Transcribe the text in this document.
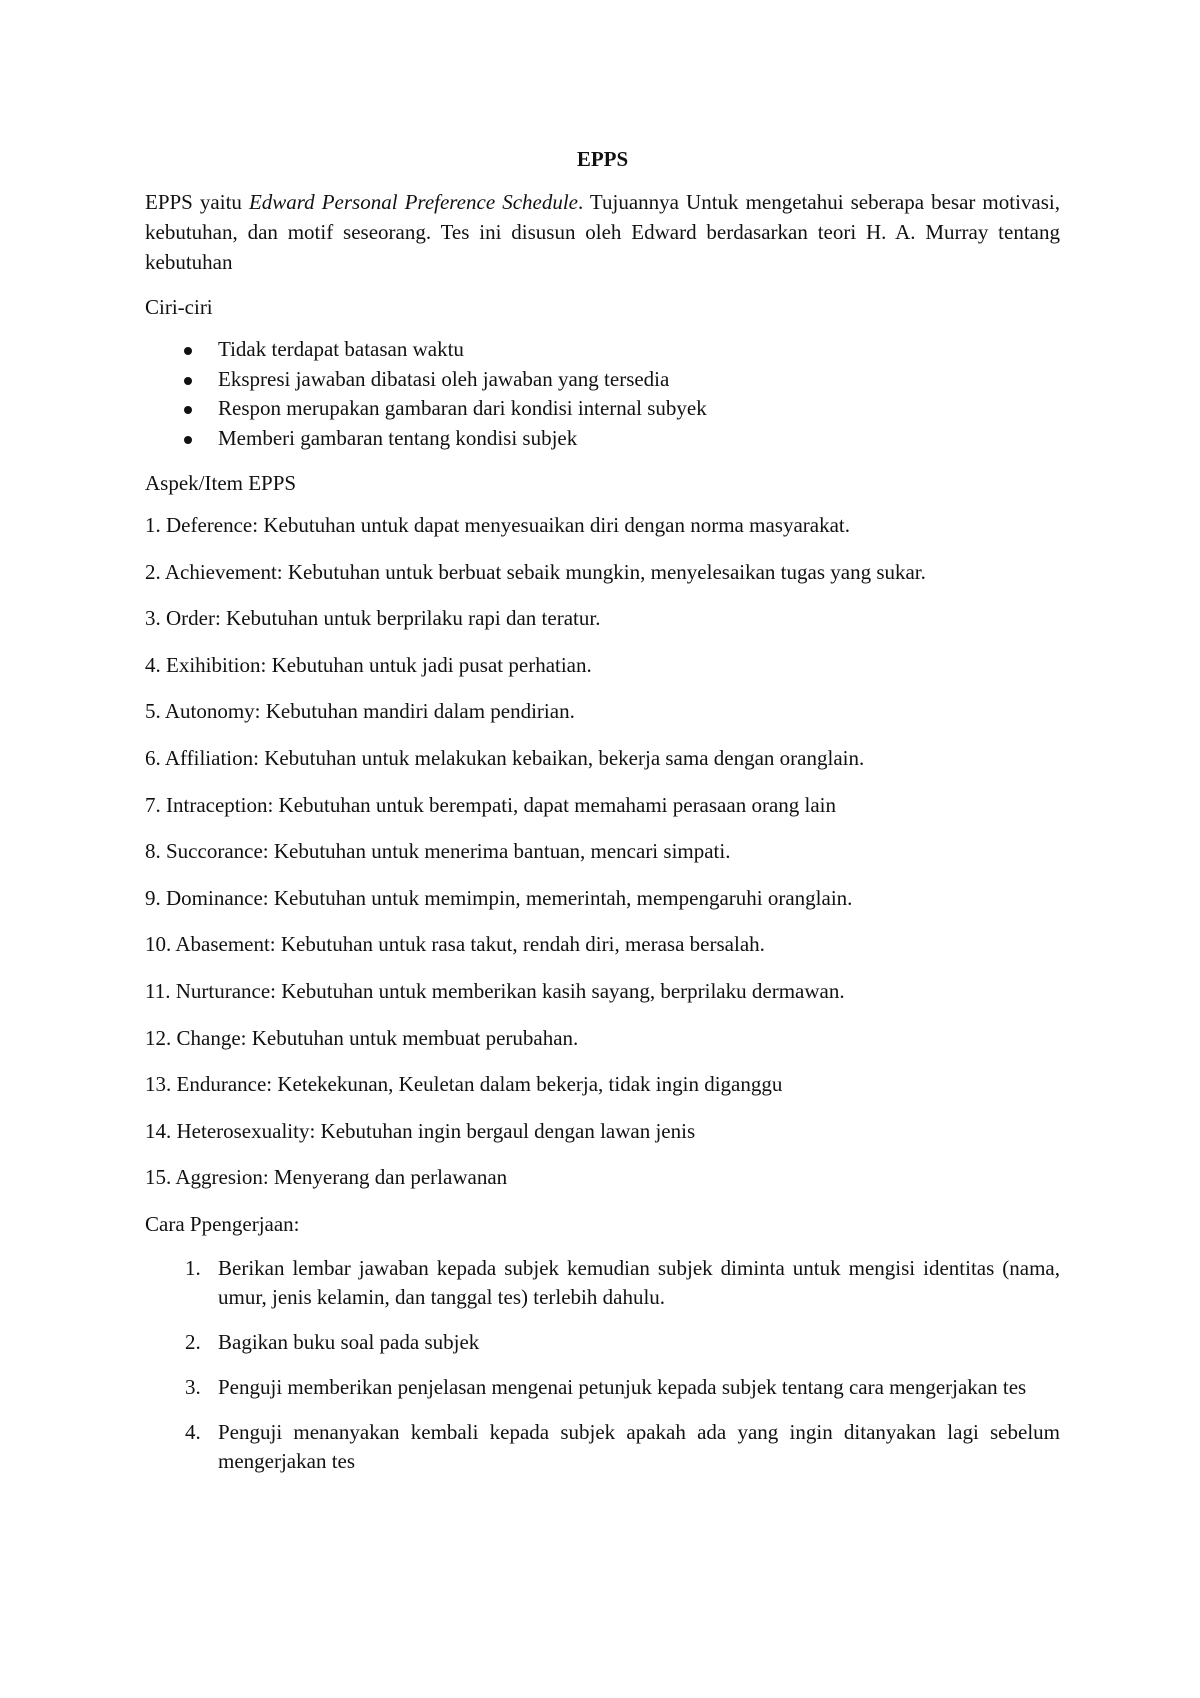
EPPS

EPPS yaitu Edward Personal Preference Schedule. Tujuannya Untuk mengetahui seberapa besar motivasi, kebutuhan, dan motif seseorang. Tes ini disusun oleh Edward berdasarkan teori H. A. Murray tentang kebutuhan

Ciri-ciri
Tidak terdapat batasan waktu
Ekspresi jawaban dibatasi oleh jawaban yang tersedia
Respon merupakan gambaran dari kondisi internal subyek
Memberi gambaran tentang kondisi subjek
Aspek/Item EPPS
1. Deference: Kebutuhan untuk dapat menyesuaikan diri dengan norma masyarakat.
2. Achievement: Kebutuhan untuk berbuat sebaik mungkin, menyelesaikan tugas yang sukar.
3. Order: Kebutuhan untuk berprilaku rapi dan teratur.
4. Exihibition: Kebutuhan untuk jadi pusat perhatian.
5. Autonomy: Kebutuhan mandiri dalam pendirian.
6. Affiliation: Kebutuhan untuk melakukan kebaikan, bekerja sama dengan oranglain.
7. Intraception: Kebutuhan untuk berempati, dapat memahami perasaan orang lain
8. Succorance: Kebutuhan untuk menerima bantuan, mencari simpati.
9. Dominance: Kebutuhan untuk memimpin, memerintah, mempengaruhi oranglain.
10. Abasement: Kebutuhan untuk rasa takut, rendah diri, merasa bersalah.
11. Nurturance: Kebutuhan untuk memberikan kasih sayang, berprilaku dermawan.
12. Change: Kebutuhan untuk membuat perubahan.
13. Endurance: Ketekekunan, Keuletan dalam bekerja, tidak ingin diganggu
14. Heterosexuality: Kebutuhan ingin bergaul dengan lawan jenis
15. Aggresion: Menyerang dan perlawanan
Cara Ppengerjaan:
1. Berikan lembar jawaban kepada subjek kemudian subjek diminta untuk mengisi identitas (nama, umur, jenis kelamin, dan tanggal tes) terlebih dahulu.
2. Bagikan buku soal pada subjek
3. Penguji memberikan penjelasan mengenai petunjuk kepada subjek tentang cara mengerjakan tes
4. Penguji menanyakan kembali kepada subjek apakah ada yang ingin ditanyakan lagi sebelum mengerjakan tes
